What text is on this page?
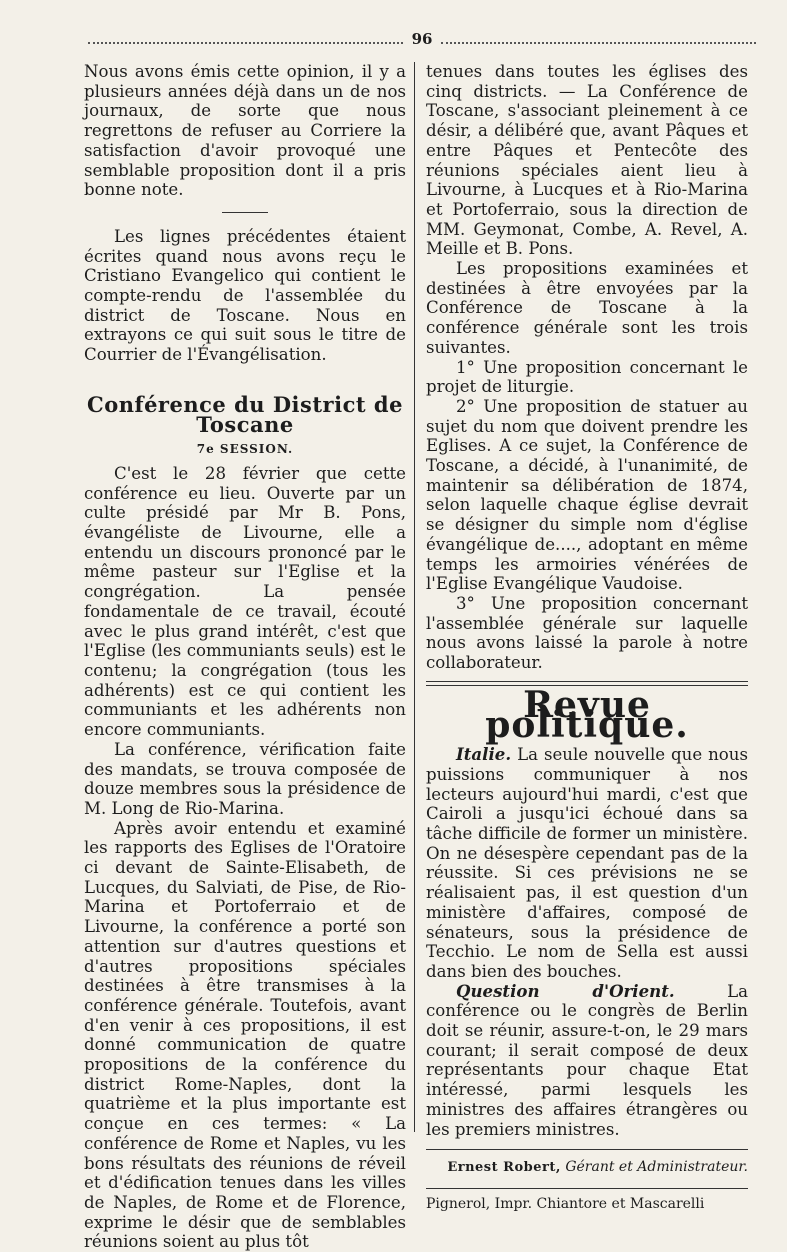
96

Nous avons émis cette opinion, il y a plusieurs années déjà dans un de nos journaux, de sorte que nous regrettons de refuser au Corriere la satisfaction d'avoir provoqué une semblable proposition dont il a pris bonne note.

Les lignes précédentes étaient écrites quand nous avons reçu le Cristiano Evangelico qui contient le compte-rendu de l'assemblée du district de Toscane. Nous en extrayons ce qui suit sous le titre de Courrier de l'Évangélisation.

Conférence du District de Toscane
7e SESSION.

C'est le 28 février que cette conférence eu lieu. Ouverte par un culte présidé par Mr B. Pons, évangéliste de Livourne, elle a entendu un discours prononcé par le même pasteur sur l'Eglise et la congrégation. La pensée fondamentale de ce travail, écouté avec le plus grand intérêt, c'est que l'Eglise (les communiants seuls) est le contenu; la congrégation (tous les adhérents) est ce qui contient les communiants et les adhérents non encore communiants.

La conférence, vérification faite des mandats, se trouva composée de douze membres sous la présidence de M. Long de Rio-Marina.

Après avoir entendu et examiné les rapports des Eglises de l'Oratoire ci devant de Sainte-Elisabeth, de Lucques, du Salviati, de Pise, de Rio-Marina et Portoferraio et de Livourne, la conférence a porté son attention sur d'autres questions et d'autres propositions spéciales destinées à être transmises à la conférence générale. Toutefois, avant d'en venir à ces propositions, il est donné communication de quatre propositions de la conférence du district Rome-Naples, dont la quatrième et la plus importante est conçue en ces termes: « La conférence de Rome et Naples, vu les bons résultats des réunions de réveil et d'édification tenues dans les villes de Naples, de Rome et de Florence, exprime le désir que de semblables réunions soient au plus tôt

tenues dans toutes les églises des cinq districts. — La Conférence de Toscane, s'associant pleinement à ce désir, a délibéré que, avant Pâques et entre Pâques et Pentecôte des réunions spéciales aient lieu à Livourne, à Lucques et à Rio-Marina et Portoferraio, sous la direction de MM. Geymonat, Combe, A. Revel, A. Meille et B. Pons.

Les propositions examinées et destinées à être envoyées par la Conférence de Toscane à la conférence générale sont les trois suivantes.

1° Une proposition concernant le projet de liturgie.

2° Une proposition de statuer au sujet du nom que doivent prendre les Eglises. A ce sujet, la Conférence de Toscane, a décidé, à l'unanimité, de maintenir sa délibération de 1874, selon laquelle chaque église devrait se désigner du simple nom d'église évangélique de...., adoptant en même temps les armoiries vénérées de l'Eglise Evangélique Vaudoise.

3° Une proposition concernant l'assemblée générale sur laquelle nous avons laissé la parole à notre collaborateur.

Revue politique.

Italie. La seule nouvelle que nous puissions communiquer à nos lecteurs aujourd'hui mardi, c'est que Cairoli a jusqu'ici échoué dans sa tâche difficile de former un ministère. On ne désespère cependant pas de la réussite. Si ces prévisions ne se réalisaient pas, il est question d'un ministère d'affaires, composé de sénateurs, sous la présidence de Tecchio. Le nom de Sella est aussi dans bien des bouches.

Question d'Orient.	La conférence ou le congrès de Berlin doit se réunir, assure-t-on, le 29 mars courant; il serait composé de deux représentants pour chaque Etat intéressé, parmi lesquels les ministres des affaires étrangères ou les premiers ministres.

Ernest Robert, Gérant et Administrateur.
Pignerol, Impr. Chiantore et Mascarelli
